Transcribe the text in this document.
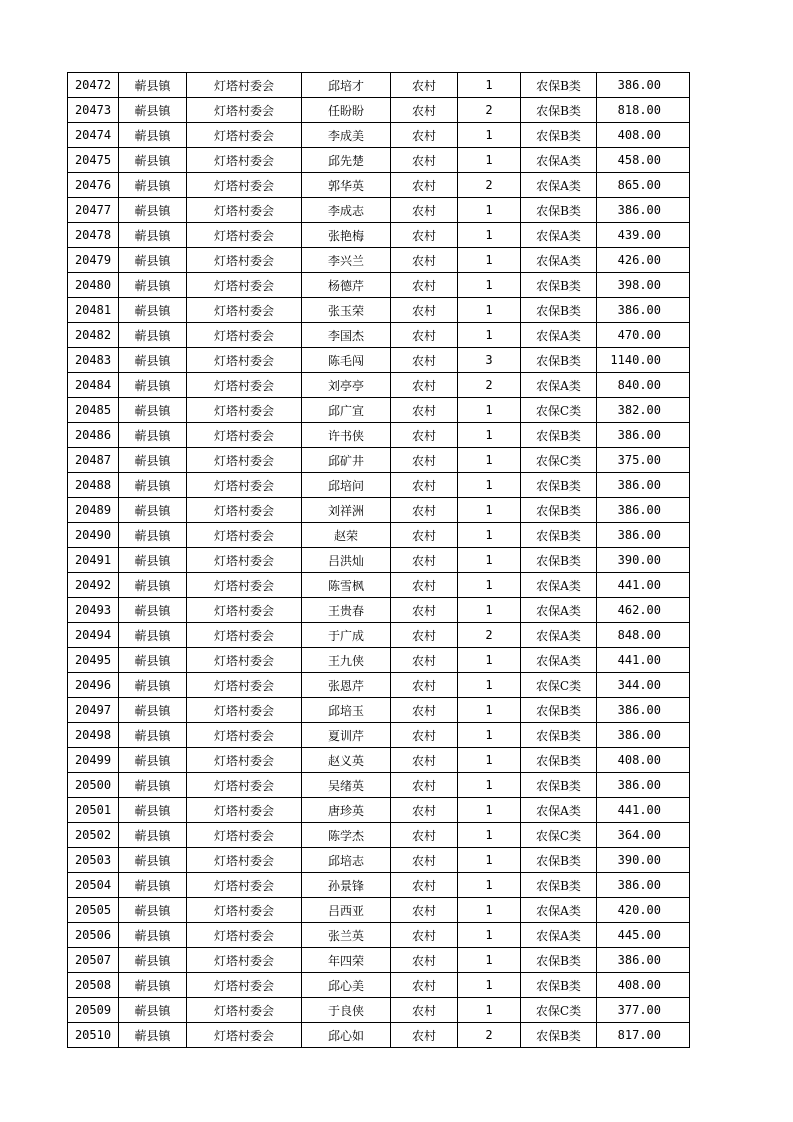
20472	蕲县镇	灯塔村委会	邱培才	农村	1	农保B类	386.00
20473	蕲县镇	灯塔村委会	任盼盼	农村	2	农保B类	818.00
20474	蕲县镇	灯塔村委会	李成美	农村	1	农保B类	408.00
20475	蕲县镇	灯塔村委会	邱先楚	农村	1	农保A类	458.00
20476	蕲县镇	灯塔村委会	郭华英	农村	2	农保A类	865.00
20477	蕲县镇	灯塔村委会	李成志	农村	1	农保B类	386.00
20478	蕲县镇	灯塔村委会	张艳梅	农村	1	农保A类	439.00
20479	蕲县镇	灯塔村委会	李兴兰	农村	1	农保A类	426.00
20480	蕲县镇	灯塔村委会	杨德芹	农村	1	农保B类	398.00
20481	蕲县镇	灯塔村委会	张玉荣	农村	1	农保B类	386.00
20482	蕲县镇	灯塔村委会	李国杰	农村	1	农保A类	470.00
20483	蕲县镇	灯塔村委会	陈毛闯	农村	3	农保B类	1140.00
20484	蕲县镇	灯塔村委会	刘亭亭	农村	2	农保A类	840.00
20485	蕲县镇	灯塔村委会	邱广宣	农村	1	农保C类	382.00
20486	蕲县镇	灯塔村委会	许书侠	农村	1	农保B类	386.00
20487	蕲县镇	灯塔村委会	邱矿井	农村	1	农保C类	375.00
20488	蕲县镇	灯塔村委会	邱培问	农村	1	农保B类	386.00
20489	蕲县镇	灯塔村委会	刘祥洲	农村	1	农保B类	386.00
20490	蕲县镇	灯塔村委会	赵荣	农村	1	农保B类	386.00
20491	蕲县镇	灯塔村委会	吕洪灿	农村	1	农保B类	390.00
20492	蕲县镇	灯塔村委会	陈雪枫	农村	1	农保A类	441.00
20493	蕲县镇	灯塔村委会	王贵春	农村	1	农保A类	462.00
20494	蕲县镇	灯塔村委会	于广成	农村	2	农保A类	848.00
20495	蕲县镇	灯塔村委会	王九侠	农村	1	农保A类	441.00
20496	蕲县镇	灯塔村委会	张恩芹	农村	1	农保C类	344.00
20497	蕲县镇	灯塔村委会	邱培玉	农村	1	农保B类	386.00
20498	蕲县镇	灯塔村委会	夏训芹	农村	1	农保B类	386.00
20499	蕲县镇	灯塔村委会	赵义英	农村	1	农保B类	408.00
20500	蕲县镇	灯塔村委会	吴绪英	农村	1	农保B类	386.00
20501	蕲县镇	灯塔村委会	唐珍英	农村	1	农保A类	441.00
20502	蕲县镇	灯塔村委会	陈学杰	农村	1	农保C类	364.00
20503	蕲县镇	灯塔村委会	邱培志	农村	1	农保B类	390.00
20504	蕲县镇	灯塔村委会	孙景锋	农村	1	农保B类	386.00
20505	蕲县镇	灯塔村委会	吕西亚	农村	1	农保A类	420.00
20506	蕲县镇	灯塔村委会	张兰英	农村	1	农保A类	445.00
20507	蕲县镇	灯塔村委会	年四荣	农村	1	农保B类	386.00
20508	蕲县镇	灯塔村委会	邱心美	农村	1	农保B类	408.00
20509	蕲县镇	灯塔村委会	于良侠	农村	1	农保C类	377.00
20510	蕲县镇	灯塔村委会	邱心如	农村	2	农保B类	817.00
